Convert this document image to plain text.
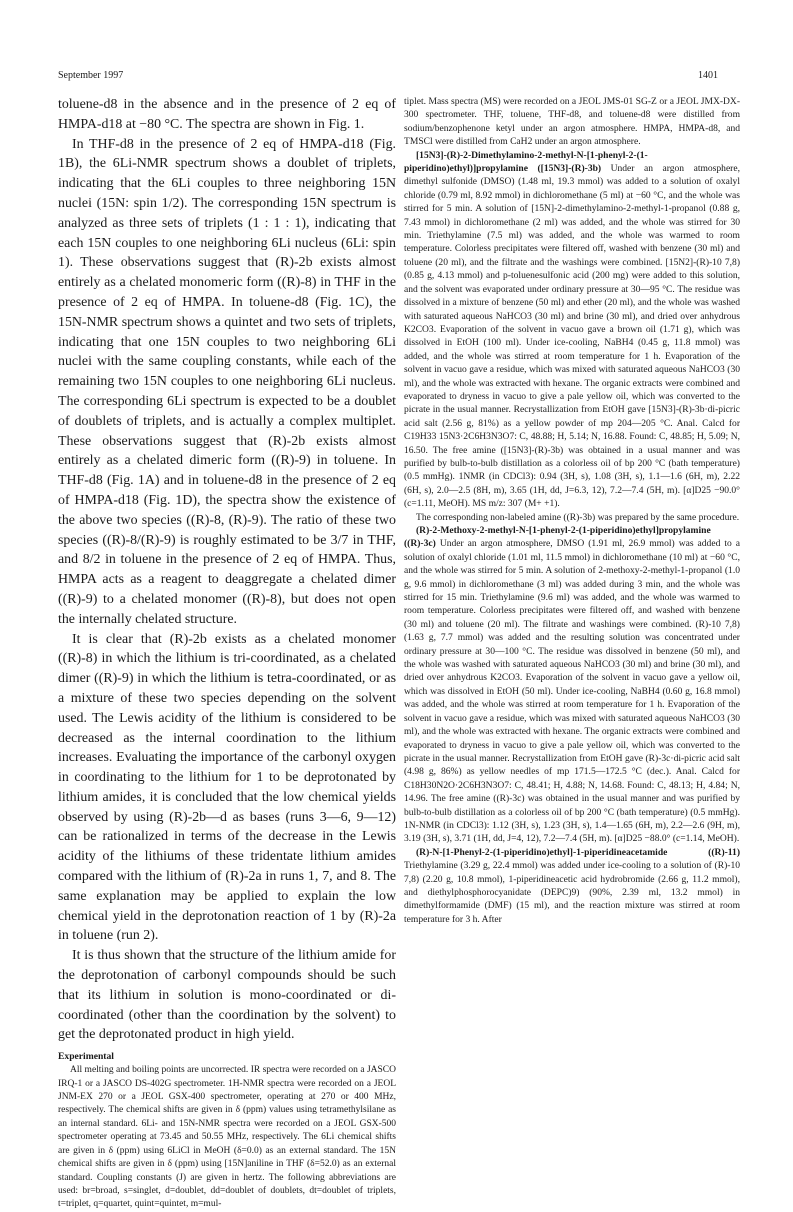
September 1997	1401

toluene-d8 in the absence and in the presence of 2 eq of HMPA-d18 at −80 °C. The spectra are shown in Fig. 1.

In THF-d8 in the presence of 2 eq of HMPA-d18 (Fig. 1B), the 6Li-NMR spectrum shows a doublet of triplets, indicating that the 6Li couples to three neighboring 15N nuclei (15N: spin 1/2). The corresponding 15N spectrum is analyzed as three sets of triplets (1 : 1 : 1), indicating that each 15N couples to one neighboring 6Li nucleus (6Li: spin 1). These observations suggest that (R)-2b exists almost entirely as a chelated monomeric form ((R)-8) in THF in the presence of 2 eq of HMPA. In toluene-d8 (Fig. 1C), the 15N-NMR spectrum shows a quintet and two sets of triplets, indicating that one 15N couples to two neighboring 6Li nuclei with the same coupling constants, while each of the remaining two 15N couples to one neighboring 6Li nucleus. The corresponding 6Li spectrum is expected to be a doublet of doublets of triplets, and is actually a complex multiplet. These observations suggest that (R)-2b exists almost entirely as a chelated dimeric form ((R)-9) in toluene. In THF-d8 (Fig. 1A) and in toluene-d8 in the presence of 2 eq of HMPA-d18 (Fig. 1D), the spectra show the existence of the above two species ((R)-8, (R)-9). The ratio of these two species ((R)-8/(R)-9) is roughly estimated to be 3/7 in THF, and 8/2 in toluene in the presence of 2 eq of HMPA. Thus, HMPA acts as a reagent to deaggregate a chelated dimer ((R)-9) to a chelated monomer ((R)-8), but does not open the internally chelated structure.

It is clear that (R)-2b exists as a chelated monomer ((R)-8) in which the lithium is tri-coordinated, as a chelated dimer ((R)-9) in which the lithium is tetra-coordinated, or as a mixture of these two species depending on the solvent used. The Lewis acidity of the lithium is considered to be decreased as the internal coordination to the lithium increases. Evaluating the importance of the carbonyl oxygen in coordinating to the lithium for 1 to be deprotonated by lithium amides, it is concluded that the low chemical yields observed by using (R)-2b—d as bases (runs 3—6, 9—12) can be rationalized in terms of the decrease in the Lewis acidity of the lithiums of these tridentate lithium amides compared with the lithium of (R)-2a in runs 1, 7, and 8. The same explanation may be applied to explain the low chemical yield in the deprotonation reaction of 1 by (R)-2a in toluene (run 2).

It is thus shown that the structure of the lithium amide for the deprotonation of carbonyl compounds should be such that its lithium in solution is mono-coordinated or di-coordinated (other than the coordination by the solvent) to get the deprotonated product in high yield.

Experimental

All melting and boiling points are uncorrected. IR spectra were recorded on a JASCO IRQ-1 or a JASCO DS-402G spectrometer. 1H-NMR spectra were recorded on a JEOL JNM-EX 270 or a JEOL GSX-400 spectrometer, operating at 270 or 400 MHz, respectively. The chemical shifts are given in δ (ppm) values using tetramethylsilane as an internal standard. 6Li- and 15N-NMR spectra were recorded on a JEOL GSX-500 spectrometer operating at 73.45 and 50.55 MHz, respectively. The 6Li chemical shifts are given in δ (ppm) using 6LiCl in MeOH (δ=0.0) as an external standard. The 15N chemical shifts are given in δ (ppm) using [15N]aniline in THF (δ=52.0) as an external standard. Coupling constants (J) are given in hertz. The following abbreviations are used: br=broad, s=singlet, d=doublet, dd=doublet of doublets, dt=doublet of triplets, t=triplet, q=quartet, quint=quintet, m=mul-

tiplet. Mass spectra (MS) were recorded on a JEOL JMS-01 SG-Z or a JEOL JMX-DX-300 spectrometer. THF, toluene, THF-d8, and toluene-d8 were distilled from sodium/benzophenone ketyl under an argon atmosphere. HMPA, HMPA-d8, and TMSCl were distilled from CaH2 under an argon atmosphere.

[15N3]-(R)-2-Dimethylamino-2-methyl-N-[1-phenyl-2-(1-piperidino)ethyl)]propylamine ([15N3]-(R)-3b) Under an argon atmosphere, dimethyl sulfonide (DMSO) (1.48 ml, 19.3 mmol) was added to a solution of oxalyl chloride (0.79 ml, 8.92 mmol) in dichloromethane (5 ml) at −60 °C, and the whole was stirred for 5 min. A solution of [15N]-2-dimethylamino-2-methyl-1-propanol (0.88 g, 7.43 mmol) in dichloromethane (2 ml) was added, and the whole was stirred for 30 min. Triethylamine (7.5 ml) was added, and the whole was warmed to room temperature. Colorless precipitates were filtered off, washed with benzene (30 ml) and toluene (20 ml), and the filtrate and the washings were combined. [15N2]-(R)-10 7,8) (0.85 g, 4.13 mmol) and p-toluenesulfonic acid (200 mg) were added to this solution, and the solvent was evaporated under ordinary pressure at 30—95 °C. The residue was dissolved in a mixture of benzene (50 ml) and ether (20 ml), and the whole was washed with saturated aqueous NaHCO3 (30 ml) and brine (30 ml), and dried over anhydrous K2CO3. Evaporation of the solvent in vacuo gave a brown oil (1.71 g), which was dissolved in EtOH (100 ml). Under ice-cooling, NaBH4 (0.45 g, 11.8 mmol) was added, and the whole was stirred at room temperature for 1 h. Evaporation of the solvent in vacuo gave a residue, which was mixed with saturated aqueous NaHCO3 (30 ml), and the whole was extracted with hexane. The organic extracts were combined and evaporated to dryness in vacuo to give a pale yellow oil, which was converted to the picrate in the usual manner. Recrystallization from EtOH gave [15N3]-(R)-3b·di-picric acid salt (2.56 g, 81%) as a yellow powder of mp 204—205 °C. Anal. Calcd for C19H33 15N3·2C6H3N3O7: C, 48.88; H, 5.14; N, 16.88. Found: C, 48.85; H, 5.09; N, 16.50. The free amine ([15N3]-(R)-3b) was obtained in a usual manner and was purified by bulb-to-bulb distillation as a colorless oil of bp 200 °C (bath temperature) (0.5 mmHg). 1NMR (in CDCl3): 0.94 (3H, s), 1.08 (3H, s), 1.1—1.6 (6H, m), 2.22 (6H, s), 2.0—2.5 (8H, m), 3.65 (1H, dd, J=6.3, 12), 7.2—7.4 (5H, m). [α]D25 −90.0° (c=1.11, MeOH). MS m/z: 307 (M+ +1).

The corresponding non-labeled amine ((R)-3b) was prepared by the same procedure.

(R)-2-Methoxy-2-methyl-N-[1-phenyl-2-(1-piperidino)ethyl]propylamine ((R)-3c) Under an argon atmosphere, DMSO (1.91 ml, 26.9 mmol) was added to a solution of oxalyl chloride (1.01 ml, 11.5 mmol) in dichloromethane (10 ml) at −60 °C, and the whole was stirred for 5 min. A solution of 2-methoxy-2-methyl-1-propanol (1.0 g, 9.6 mmol) in dichloromethane (3 ml) was added during 3 min, and the whole was stirred for 15 min. Triethylamine (9.6 ml) was added, and the whole was warmed to room temperature. Colorless precipitates were filtered off, and washed with benzene (30 ml) and toluene (20 ml). The filtrate and washings were combined. (R)-10 7,8) (1.63 g, 7.7 mmol) was added and the resulting solution was concentrated under ordinary pressure at 30—100 °C. The residue was dissolved in benzene (50 ml), and the whole was washed with saturated aqueous NaHCO3 (30 ml) and brine (30 ml), and dried over anhydrous K2CO3. Evaporation of the solvent in vacuo gave a yellow oil, which was dissolved in EtOH (50 ml). Under ice-cooling, NaBH4 (0.60 g, 16.8 mmol) was added, and the whole was stirred at room temperature for 1 h. Evaporation of the solvent in vacuo gave a residue, which was mixed with saturated aqueous NaHCO3 (30 ml), and the whole was extracted with hexane. The organic extracts were combined and evaporated to dryness in vacuo to give a pale yellow oil, which was converted to the picrate in the usual manner. Recrystallization from EtOH gave (R)-3c·di-picric acid salt (4.98 g, 86%) as yellow needles of mp 171.5—172.5 °C (dec.). Anal. Calcd for C18H30N2O·2C6H3N3O7: C, 48.41; H, 4.88; N, 14.68. Found: C, 48.13; H, 4.84; N, 14.96. The free amine ((R)-3c) was obtained in the usual manner and was purified by bulb-to-bulb distillation as a colorless oil of bp 200 °C (bath temperature) (0.5 mmHg). 1N-NMR (in CDCl3): 1.12 (3H, s), 1.23 (3H, s), 1.4—1.65 (6H, m), 2.2—2.6 (9H, m), 3.19 (3H, s), 3.71 (1H, dd, J=4, 12), 7.2—7.4 (5H, m). [α]D25 −88.0° (c=1.14, MeOH).

(R)-N-[1-Phenyl-2-(1-piperidino)ethyl]-1-piperidineacetamide ((R)-11) Triethylamine (3.29 g, 22.4 mmol) was added under ice-cooling to a solution of (R)-10 7,8) (2.20 g, 10.8 mmol), 1-piperidineacetic acid hydrobromide (2.66 g, 11.2 mmol), and diethylphosphorocyanidate (DEPC)9) (90%, 2.39 ml, 13.2 mmol) in dimethylformamide (DMF) (15 ml), and the reaction mixture was stirred at room temperature for 3 h. After
